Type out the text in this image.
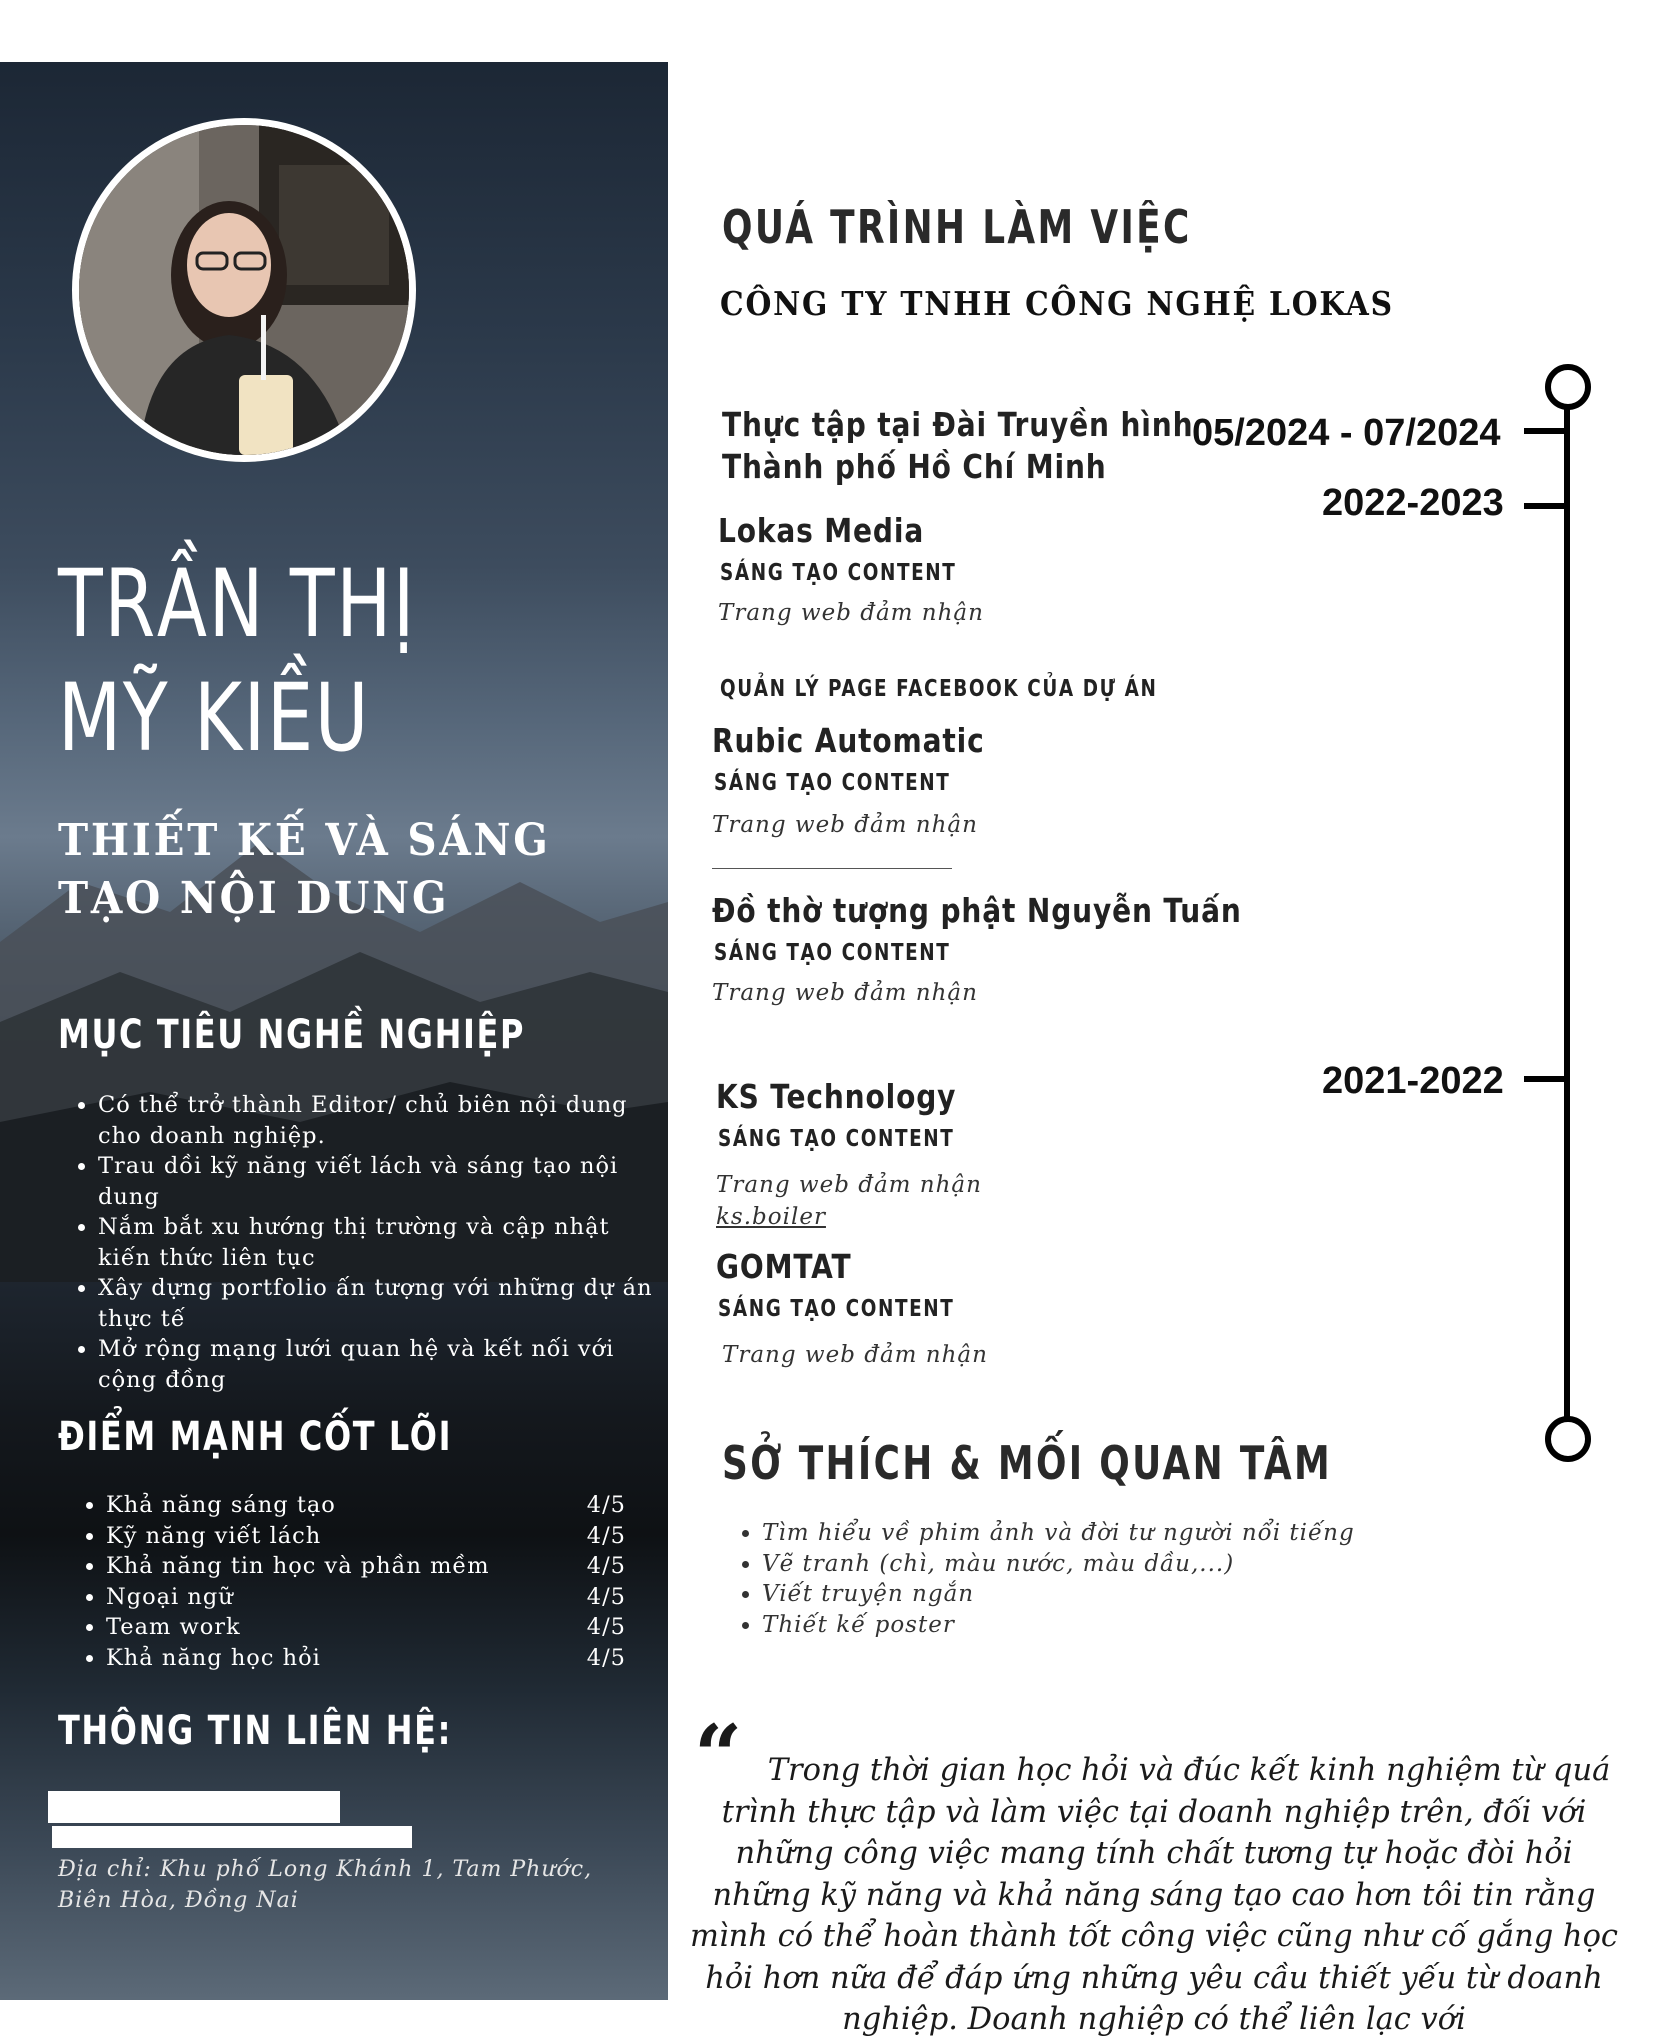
TRẦN THỊ
MỸ KIỀU
THIẾT KẾ VÀ SÁNG
TẠO NỘI DUNG
MỤC TIÊU NGHỀ NGHIỆP
• Có thể trở thành Editor/ chủ biên nội dung cho doanh nghiệp.
• Trau dồi kỹ năng viết lách và sáng tạo nội dung
• Nắm bắt xu hướng thị trường và cập nhật kiến thức liên tục
• Xây dựng portfolio ấn tượng với những dự án thực tế
• Mở rộng mạng lưới quan hệ và kết nối với cộng đồng
ĐIỂM MẠNH CỐT LÕI
• Khả năng sáng tạo	4/5
• Kỹ năng viết lách	4/5
• Khả năng tin học và phần mềm	4/5
• Ngoại ngữ	4/5
• Team work	4/5
• Khả năng học hỏi	4/5
THÔNG TIN LIÊN HỆ:
Địa chỉ: Khu phố Long Khánh 1, Tam Phước, Biên Hòa, Đồng Nai
QUÁ TRÌNH LÀM VIỆC
CÔNG TY TNHH CÔNG NGHỆ LOKAS
Thực tập tại Đài Truyền hình
Thành phố Hồ Chí Minh
05/2024 - 07/2024
2022-2023
2021-2022
Lokas Media
SÁNG TẠO CONTENT
Trang web đảm nhận
QUẢN LÝ PAGE FACEBOOK CỦA DỰ ÁN
Rubic Automatic
SÁNG TẠO CONTENT
Trang web đảm nhận
Đồ thờ tượng phật Nguyễn Tuấn
SÁNG TẠO CONTENT
Trang web đảm nhận
KS Technology
SÁNG TẠO CONTENT
Trang web đảm nhận
ks.boiler
GOMTAT
SÁNG TẠO CONTENT
Trang web đảm nhận
SỞ THÍCH & MỐI QUAN TÂM
• Tìm hiểu về phim ảnh và đời tư người nổi tiếng
• Vẽ tranh (chì, màu nước, màu dầu,...)
• Viết truyện ngắn
• Thiết kế poster
“ Trong thời gian học hỏi và đúc kết kinh nghiệm từ quá trình thực tập và làm việc tại doanh nghiệp trên, đối với những công việc mang tính chất tương tự hoặc đòi hỏi những kỹ năng và khả năng sáng tạo cao hơn tôi tin rằng mình có thể hoàn thành tốt công việc cũng như cố gắng học hỏi hơn nữa để đáp ứng những yêu cầu thiết yếu từ doanh nghiệp. Doanh nghiệp có thể liên lạc với
